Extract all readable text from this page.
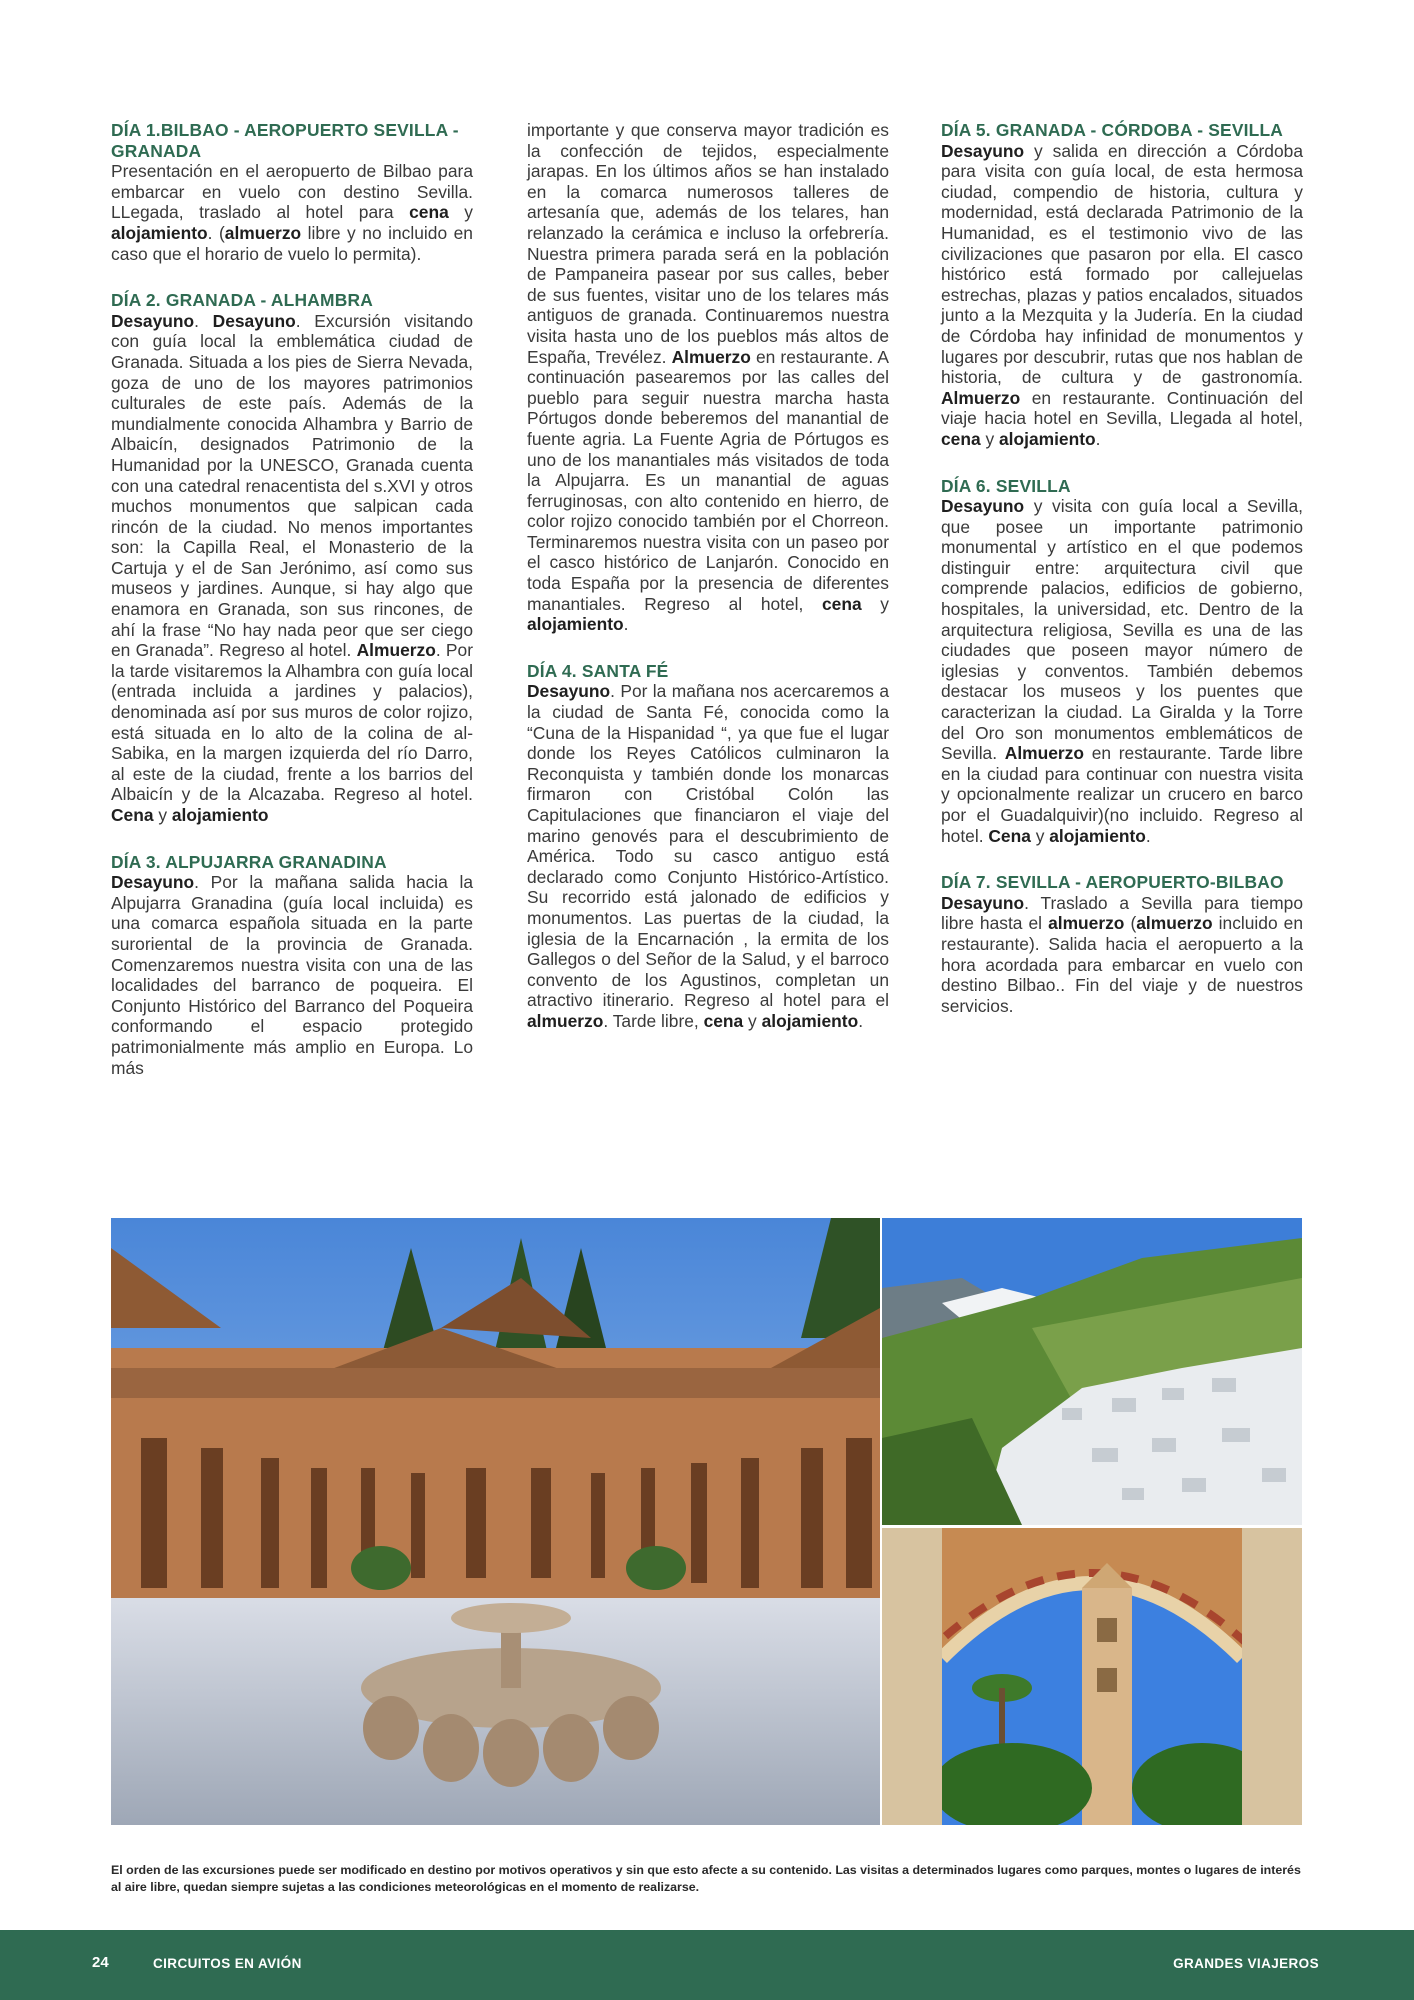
DÍA 1.BILBAO - AEROPUERTO SEVILLA - GRANADA

Presentación en el aeropuerto de Bilbao para embarcar en vuelo con destino Sevilla. LLegada, traslado al hotel para cena y alojamiento. (almuerzo libre y no incluido en caso que el horario de vuelo lo permita).

DÍA 2. GRANADA - ALHAMBRA

Desayuno. Desayuno. Excursión visitando con guía local la emblemática ciudad de Granada. Situada a los pies de Sierra Nevada, goza de uno de los mayores patrimonios culturales de este país. Además de la mundialmente conocida Alhambra y Barrio de Albaicín, designados Patrimonio de la Humanidad por la UNESCO, Granada cuenta con una catedral renacentista del s.XVI y otros muchos monumentos que salpican cada rincón de la ciudad. No menos importantes son: la Capilla Real, el Monasterio de la Cartuja y el de San Jerónimo, así como sus museos y jardines. Aunque, si hay algo que enamora en Granada, son sus rincones, de ahí la frase “No hay nada peor que ser ciego en Granada”. Regreso al hotel. Almuerzo. Por la tarde visitaremos la Alhambra con guía local (entrada incluida a jardines y palacios), denominada así por sus muros de color rojizo, está situada en lo alto de la colina de al-Sabika, en la margen izquierda del río Darro, al este de la ciudad, frente a los barrios del Albaicín y de la Alcazaba. Regreso al hotel. Cena y alojamiento

DÍA 3. ALPUJARRA GRANADINA

Desayuno. Por la mañana salida hacia la Alpujarra Granadina (guía local incluida) es una comarca española situada en la parte suroriental de la provincia de Granada. Comenzaremos nuestra visita con una de las localidades del barranco de poqueira. El Conjunto Histórico del Barranco del Poqueira conformando el espacio protegido patrimonialmente más amplio en Europa. Lo más

importante y que conserva mayor tradición es la confección de tejidos, especialmente jarapas. En los últimos años se han instalado en la comarca numerosos talleres de artesanía que, además de los telares, han relanzado la cerámica e incluso la orfebrería. Nuestra primera parada será en la población de Pampaneira pasear por sus calles, beber de sus fuentes, visitar uno de los telares más antiguos de granada. Continuaremos nuestra visita hasta uno de los pueblos más altos de España, Trevélez. Almuerzo en restaurante. A continuación pasearemos por las calles del pueblo para seguir nuestra marcha hasta Pórtugos donde beberemos del manantial de fuente agria. La Fuente Agria de Pórtugos es uno de los manantiales más visitados de toda la Alpujarra. Es un manantial de aguas ferruginosas, con alto contenido en hierro, de color rojizo conocido también por el Chorreon. Terminaremos nuestra visita con un paseo por el casco histórico de Lanjarón. Conocido en toda España por la presencia de diferentes manantiales. Regreso al hotel, cena y alojamiento.

DÍA 4. SANTA FÉ

Desayuno. Por la mañana nos acercaremos a la ciudad de Santa Fé, conocida como la “Cuna de la Hispanidad “, ya que fue el lugar donde los Reyes Católicos culminaron la Reconquista y también donde los monarcas firmaron con Cristóbal Colón las Capitulaciones que financiaron el viaje del marino genovés para el descubrimiento de América. Todo su casco antiguo está declarado como Conjunto Histórico-Artístico. Su recorrido está jalonado de edificios y monumentos. Las puertas de la ciudad, la iglesia de la Encarnación , la ermita de los Gallegos o del Señor de la Salud, y el barroco convento de los Agustinos, completan un atractivo itinerario. Regreso al hotel para el almuerzo. Tarde libre, cena y alojamiento.

DÍA 5. GRANADA - CÓRDOBA - SEVILLA

Desayuno y salida en dirección a Córdoba para visita con guía local, de esta hermosa ciudad, compendio de historia, cultura y modernidad, está declarada Patrimonio de la Humanidad, es el testimonio vivo de las civilizaciones que pasaron por ella. El casco histórico está formado por callejuelas estrechas, plazas y patios encalados, situados junto a la Mezquita y la Judería. En la ciudad de Córdoba hay infinidad de monumentos y lugares por descubrir, rutas que nos hablan de historia, de cultura y de gastronomía. Almuerzo en restaurante. Continuación del viaje hacia hotel en Sevilla, Llegada al hotel, cena y alojamiento.

DÍA 6. SEVILLA

Desayuno y visita con guía local a Sevilla, que posee un importante patrimonio monumental y artístico en el que podemos distinguir entre: arquitectura civil que comprende palacios, edificios de gobierno, hospitales, la universidad, etc. Dentro de la arquitectura religiosa, Sevilla es una de las ciudades que poseen mayor número de iglesias y conventos. También debemos destacar los museos y los puentes que caracterizan la ciudad. La Giralda y la Torre del Oro son monumentos emblemáticos de Sevilla. Almuerzo en restaurante. Tarde libre en la ciudad para continuar con nuestra visita y opcionalmente realizar un crucero en barco por el Guadalquivir)(no incluido. Regreso al hotel. Cena y alojamiento.

DÍA 7. SEVILLA - AEROPUERTO-BILBAO

Desayuno. Traslado a Sevilla para tiempo libre hasta el almuerzo (almuerzo incluido en restaurante). Salida hacia el aeropuerto a la hora acordada para embarcar en vuelo con destino Bilbao.. Fin del viaje y de nuestros servicios.

El orden de las excursiones puede ser modificado en destino por motivos operativos y sin que esto afecte a su contenido. Las visitas a determinados lugares como parques, montes o lugares de interés al aire libre, quedan siempre sujetas a las condiciones meteorológicas en el momento de realizarse.
24	CIRCUITOS EN AVIÓN	GRANDES VIAJEROS
